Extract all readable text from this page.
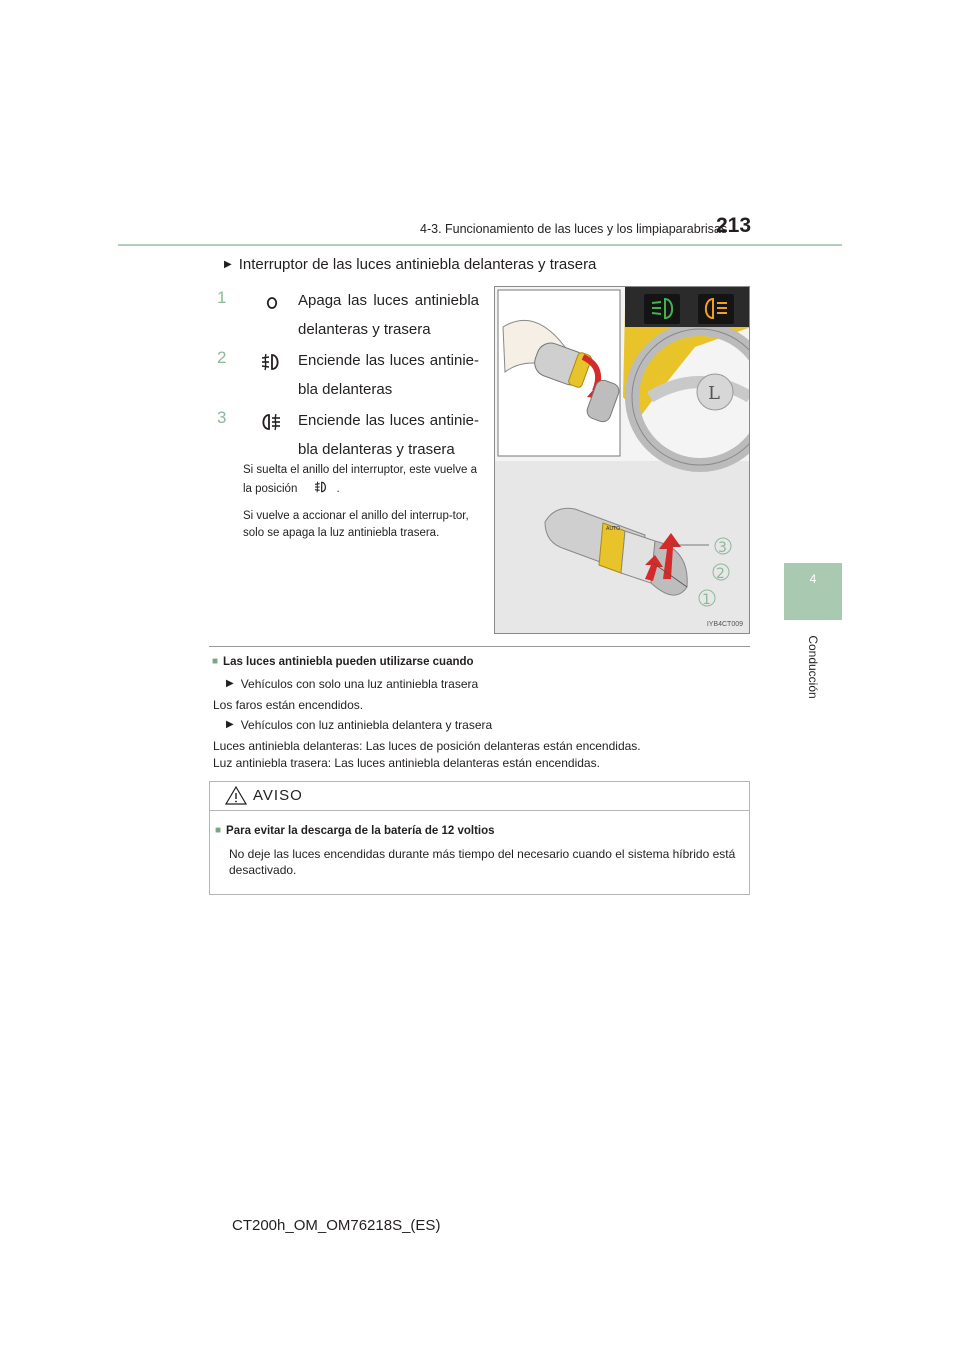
4-3. Funcionamiento de las luces y los limpiaparabrisas
213
4
Conducción
▶ Interruptor de las luces antiniebla delanteras y trasera
1	Apaga las luces antiniebla delanteras y trasera
2	Enciende las luces antinie-bla delanteras
3	Enciende las luces antinie-bla delanteras y trasera
Si suelta el anillo del interruptor, este vuelve a la posición	.
Si vuelve a accionar el anillo del interrup-tor, solo se apaga la luz antiniebla trasera.
L
AUTO
3
2
1
IYB4CT009
■ Las luces antiniebla pueden utilizarse cuando
▶ Vehículos con solo una luz antiniebla trasera
Los faros están encendidos.
▶ Vehículos con luz antiniebla delantera y trasera
Luces antiniebla delanteras: Las luces de posición delanteras están encendidas.
Luz antiniebla trasera: Las luces antiniebla delanteras están encendidas.
AVISO
■ Para evitar la descarga de la batería de 12 voltios
No deje las luces encendidas durante más tiempo del necesario cuando el sistema híbrido está desactivado.
CT200h_OM_OM76218S_(ES)
